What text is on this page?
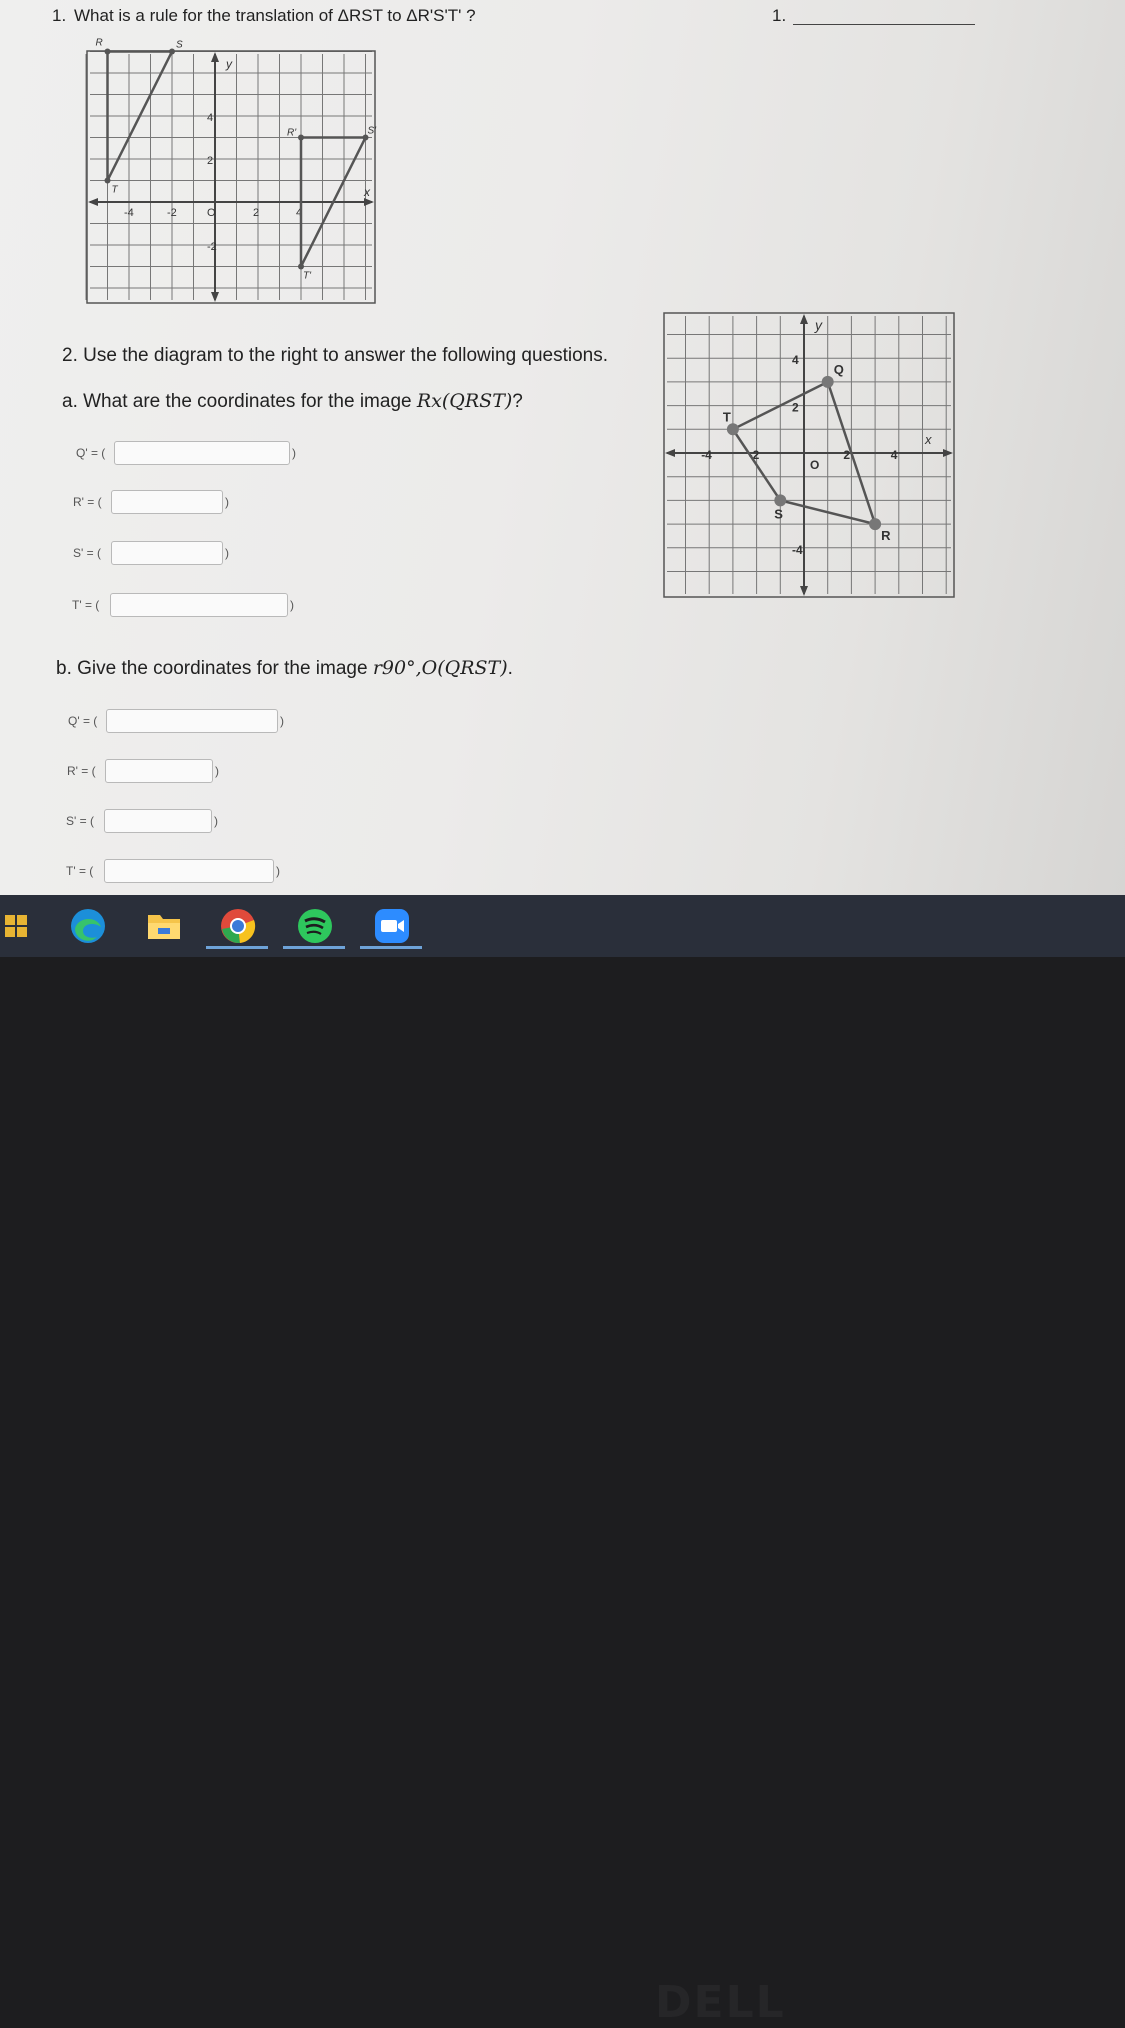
What is a rule for the translation of ΔRST to ΔR'S'T' ?
1.	1.
x
y
-4	-2	O	2	4
2
-2
4
R	S
T
R'	S'
T'
2. Use the diagram to the right to answer the following questions.
a. What are the coordinates for the image Rx(QRST)?
Q' = (	)
R' = (	)
S' = (	)
T' = (	)
b. Give the coordinates for the image r90°,O(QRST).
Q' = (	)
R' = (	)
S' = (	)
T' = (	)
x
y
-4	-2
O
2	4
4
2
-4
Q
R
S
T
DELL
